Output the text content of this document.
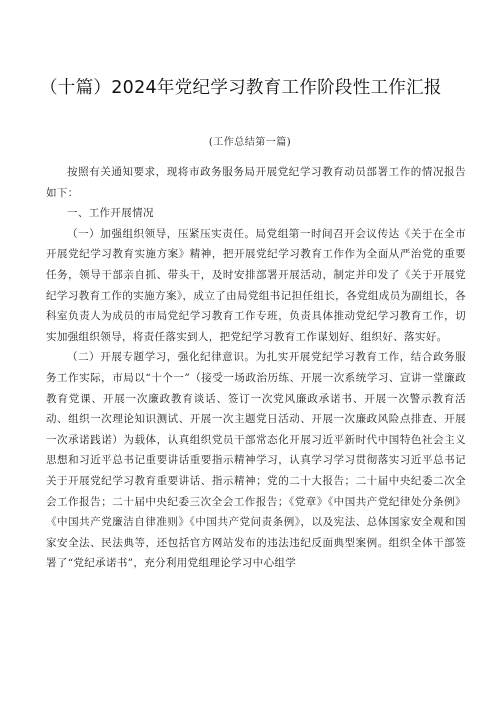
（十篇）2024年党纪学习教育工作阶段性工作汇报
(工作总结第一篇)

按照有关通知要求，现将市政务服务局开展党纪学习教育动员部署工作的情况报告如下：

一、工作开展情况

（一）加强组织领导，压紧压实责任。局党组第一时间召开会议传达《关于在全市开展党纪学习教育实施方案》精神，把开展党纪学习教育工作作为全面从严治党的重要任务，领导干部亲自抓、带头干，及时安排部署开展活动，制定并印发了《关于开展党纪学习教育工作的实施方案》，成立了由局党组书记担任组长，各党组成员为副组长，各科室负责人为成员的市局党纪学习教育工作专班，负责具体推动党纪学习教育工作，切实加强组织领导，将责任落实到人，把党纪学习教育工作谋划好、组织好、落实好。

（二）开展专题学习，强化纪律意识。为扎实开展党纪学习教育工作，结合政务服务工作实际，市局以“十个一”（接受一场政治历练、开展一次系统学习、宣讲一堂廉政教育党课、开展一次廉政教育谈话、签订一次党风廉政承诺书、开展一次警示教育活动、组织一次理论知识测试、开展一次主题党日活动、开展一次廉政风险点排查、开展一次承诺践诺）为载体，认真组织党员干部常态化开展习近平新时代中国特色社会主义思想和习近平总书记重要讲话重要指示精神学习，认真学习学习贯彻落实习近平总书记关于开展党纪学习教育重要讲话、指示精神；党的二十大报告；二十届中央纪委二次全会工作报告；二十届中央纪委三次全会工作报告；《党章》《中国共产党纪律处分条例》《中国共产党廉洁自律准则》《中国共产党问责条例》，以及宪法、总体国家安全观和国家安全法、民法典等，还包括官方网站发布的违法违纪反面典型案例。组织全体干部签署了“党纪承诺书”，充分利用党组理论学习中心组学
